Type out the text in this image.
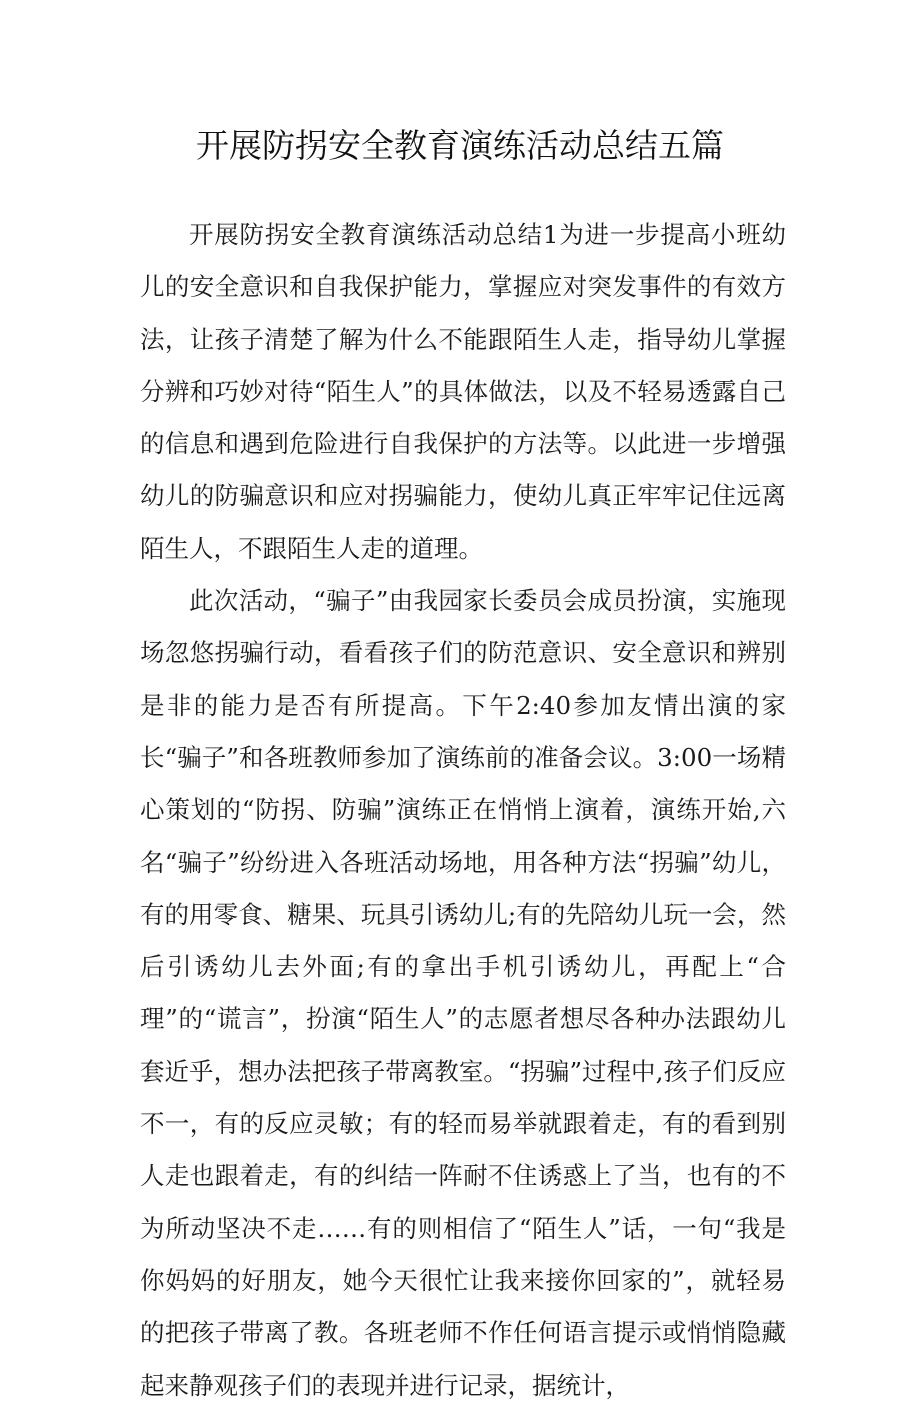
开展防拐安全教育演练活动总结五篇

开展防拐安全教育演练活动总结1为进一步提高小班幼儿的安全意识和自我保护能力，掌握应对突发事件的有效方法，让孩子清楚了解为什么不能跟陌生人走，指导幼儿掌握分辨和巧妙对待“陌生人”的具体做法，以及不轻易透露自己的信息和遇到危险进行自我保护的方法等。以此进一步增强幼儿的防骗意识和应对拐骗能力，使幼儿真正牢牢记住远离陌生人，不跟陌生人走的道理。

此次活动，“骗子”由我园家长委员会成员扮演，实施现场忽悠拐骗行动，看看孩子们的防范意识、安全意识和辨别是非的能力是否有所提高。下午2:40参加友情出演的家长“骗子”和各班教师参加了演练前的准备会议。3:00一场精心策划的“防拐、防骗”演练正在悄悄上演着，演练开始,六名“骗子”纷纷进入各班活动场地，用各种方法“拐骗”幼儿，有的用零食、糖果、玩具引诱幼儿;有的先陪幼儿玩一会，然后引诱幼儿去外面;有的拿出手机引诱幼儿，再配上“合理”的“谎言”，扮演“陌生人”的志愿者想尽各种办法跟幼儿套近乎，想办法把孩子带离教室。“拐骗”过程中,孩子们反应不一，有的反应灵敏；有的轻而易举就跟着走，有的看到别人走也跟着走，有的纠结一阵耐不住诱惑上了当，也有的不为所动坚决不走……有的则相信了“陌生人”话，一句“我是你妈妈的好朋友，她今天很忙让我来接你回家的”，就轻易的把孩子带离了教。各班老师不作任何语言提示或悄悄隐藏起来静观孩子们的表现并进行记录，据统计，
